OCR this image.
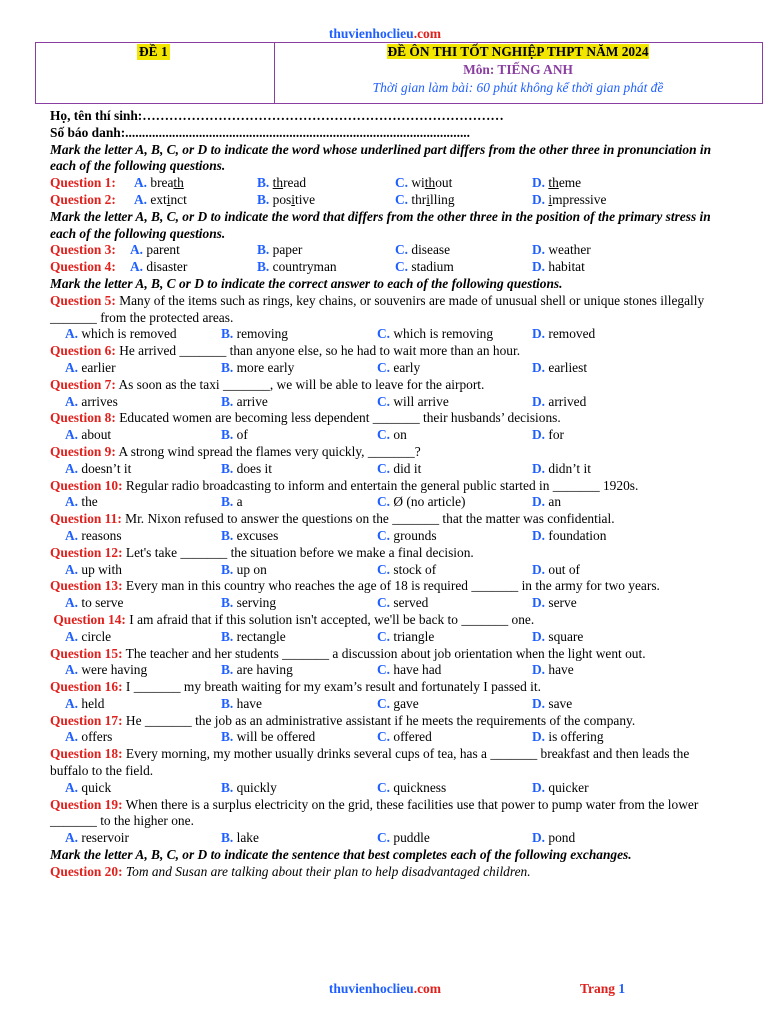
thuvienhoclieu.com
ĐỀ 1	ĐỀ ÔN THI TỐT NGHIỆP THPT NĂM 2024
Môn: TIẾNG ANH
Thời gian làm bài: 60 phút không kể thời gian phát đề
Họ, tên thí sinh:………………………………………………………………………
Số báo danh:.......................................................................................................
Mark the letter A, B, C, or D to indicate the word whose underlined part differs from the other three in pronunciation in each of the following questions.
Question 1: A. breath	B. thread	C. without	D. theme
Question 2: A. extinct	B. positive	C. thrilling	D. impressive
Mark the letter A, B, C, or D to indicate the word that differs from the other three in the position of the primary stress in each of the following questions.
Question 3: A. parent	B. paper	C. disease	D. weather
Question 4: A. disaster	B. countryman	C. stadium	D. habitat
Mark the letter A, B, C or D to indicate the correct answer to each of the following questions.
Question 5: Many of the items such as rings, key chains, or souvenirs are made of unusual shell or unique stones illegally _______ from the protected areas.
A. which is removed	B. removing	C. which is removing	D. removed
Question 6: He arrived _______ than anyone else, so he had to wait more than an hour.
A. earlier	B. more early	C. early	D. earliest
Question 7: As soon as the taxi _______, we will be able to leave for the airport.
A. arrives	B. arrive	C. will arrive	D. arrived
Question 8: Educated women are becoming less dependent _______ their husbands’ decisions.
A. about	B. of	C. on	D. for
Question 9: A strong wind spread the flames very quickly, _______?
A. doesn’t it	B. does it	C. did it	D. didn’t it
Question 10: Regular radio broadcasting to inform and entertain the general public started in _______ 1920s.
A. the	B. a	C. Ø (no article)	D. an
Question 11: Mr. Nixon refused to answer the questions on the _______ that the matter was confidential.
A. reasons	B. excuses	C. grounds	D. foundation
Question 12: Let's take _______ the situation before we make a final decision.
A. up with	B. up on	C. stock of	D. out of
Question 13: Every man in this country who reaches the age of 18 is required _______ in the army for two years.
A. to serve	B. serving	C. served	D. serve
Question 14: I am afraid that if this solution isn't accepted, we'll be back to _______ one.
A. circle	B. rectangle	C. triangle	D. square
Question 15: The teacher and her students _______ a discussion about job orientation when the light went out.
A. were having	B. are having	C. have had	D. have
Question 16: I _______ my breath waiting for my exam’s result and fortunately I passed it.
A. held	B. have	C. gave	D. save
Question 17: He _______ the job as an administrative assistant if he meets the requirements of the company.
A. offers	B. will be offered	C. offered	D. is offering
Question 18: Every morning, my mother usually drinks several cups of tea, has a _______ breakfast and then leads the buffalo to the field.
A. quick	B. quickly	C. quickness	D. quicker
Question 19: When there is a surplus electricity on the grid, these facilities use that power to pump water from the lower _______ to the higher one.
A. reservoir	B. lake	C. puddle	D. pond
Mark the letter A, B, C, or D to indicate the sentence that best completes each of the following exchanges.
Question 20: Tom and Susan are talking about their plan to help disadvantaged children.
thuvienhoclieu.com	Trang 1
